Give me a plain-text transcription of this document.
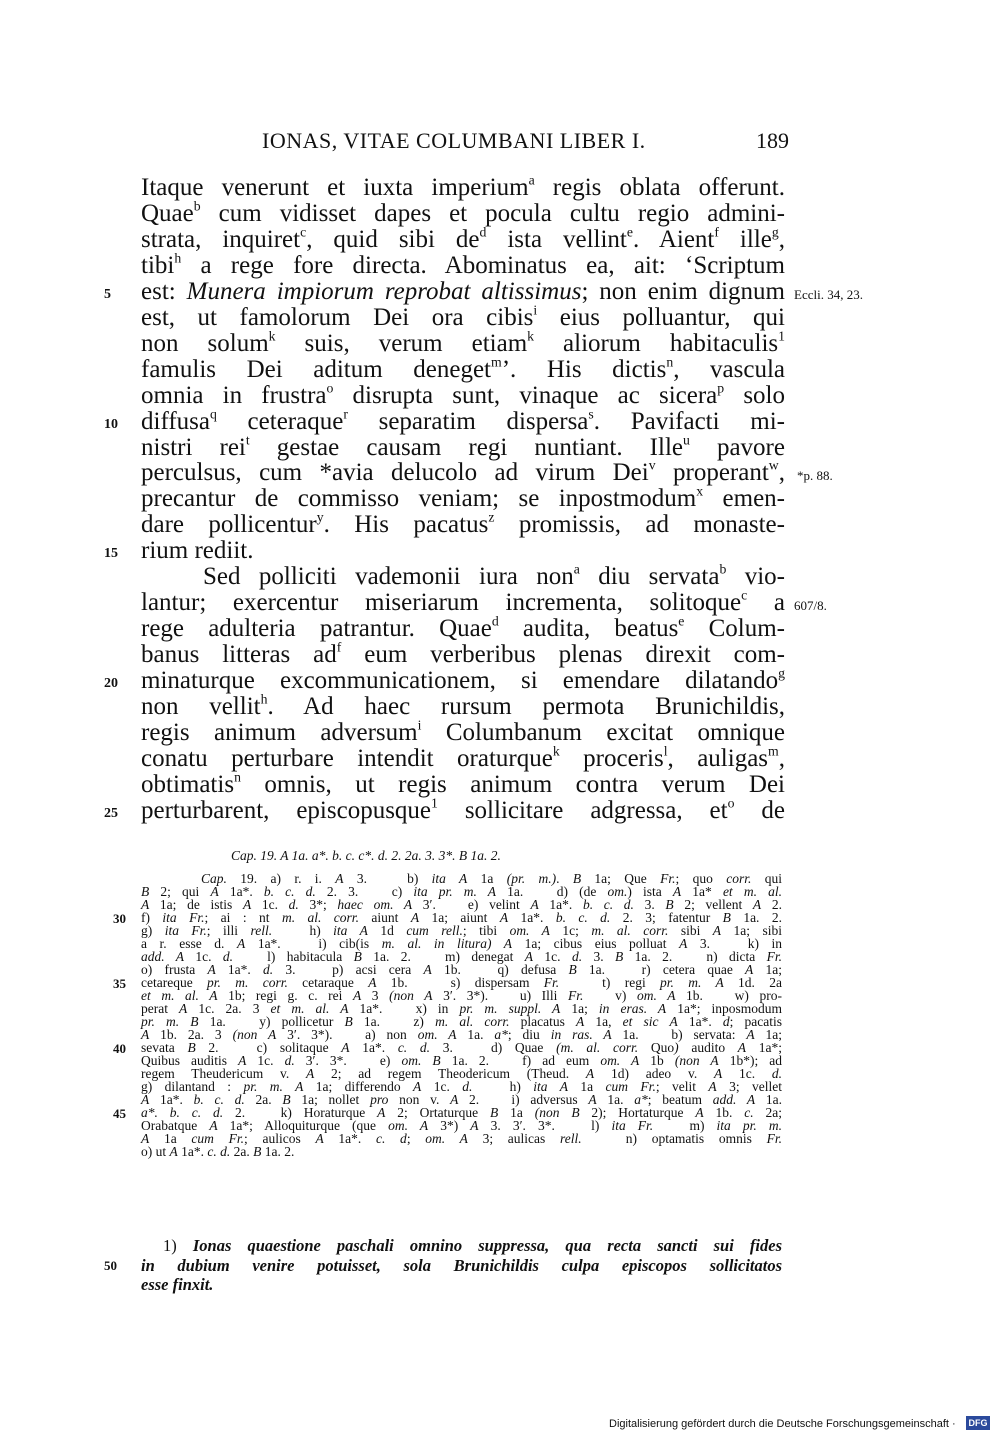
IONAS, VITAE COLUMBANI LIBER I.	189
Itaque venerunt et iuxta imperium$^a$ regis oblata offerunt.
Quae$^b$ cum vidisset dapes et pocula cultu regio admini-
strata, inquiret$^c$, quid sibi $de^d$ ista vellint$^e$. Aient$^f$ ille$^g$,
tibi$^h$ a rege fore directa. Abominatus ea, ait: ‘Scriptum
est: Munera impiorum reprobat altissimus; non enim dignum
5	Eccli. 34, 23.
est, ut famolorum Dei ora cibis$^i$ eius polluantur, qui
non solum$^k$ suis, verum etiam$^k$ aliorum habitaculis$^1$
famulis Dei aditum deneget$^m$’. His dictis$^n$, vascula
omnia in frustra$^o$ disrupta sunt, vinaque ac sicera$^p$ solo
diffusa$^q$ ceteraque$^r$ separatim dispersa$^s$. Pavifacti mi-
10
nistri rei$^t$ gestae causam regi nuntiant. Ille$^u$ pavore
perculsus, cum *avia delucolo ad virum Dei$^v$ properant$^w$, *p. 88.
precantur de commisso veniam; se inpostmodum$^x$ emen-
dare pollicentur$^y$. His pacatus$^z$ promissis, ad monaste-
rium rediit.
15
Sed polliciti vademonii iura non$^a$ diu servata$^b$ vio-
lantur; exercentur miseriarum incrementa, solitoque$^c$ a 607/8.
rege adulteria patrantur. Quae$^d$ audita, beatus$^e$ Colum-
banus litteras $ad^f$ eum verberibus plenas direxit com-
minaturque excommunicationem, si emendare dilatando$^g$
20
non vellit$^h$. Ad haec rursum permota Brunichildis,
regis animum adversum$^i$ Columbanum excitat omnique
conatu perturbare intendit oraturque$^k$ proceris$^l$, auligas$^m$,
obtimatis$^n$ omnis, ut regis animum contra verum Dei
perturbarent, episcopusque$^1$ sollicitare adgressa, $et^o$ de
25
Cap. 19. A 1a. a*. b. c. c*. d. 2. 2a. 3. 3*. B 1a. 2.
Cap. 19. a) r. i. A 3.   b) ita A 1a (pr. m.). B 1a; Que Fr.; quo corr. qui
B 2; qui A 1a*. b. c. d. 2. 3.   c) ita pr. m. A 1a.   d) (de om.) ista A 1a* et m. al.
A 1a; de istis A 1c. d. 3*; haec om. A 3′.   e) velint A 1a*. b. c. d. 3. B 2; vellent A 2.
f) ita Fr.; ai : nt m. al. corr. aiunt A 1a; aiunt A 1a*. b. c. d. 2. 3; fatentur B 1a. 2.
30
g) ita Fr.; illi rell.   h) ita A 1d cum rell.; tibi om. A 1c; m. al. corr. sibi A 1a; sibi
a r. esse d. A 1a*.   i) cib(is m. al. in litura) A 1a; cibus eius polluat A 3.   k) in
add. A 1c. d.   l) habitacula B 1a. 2.   m) denegat A 1c. d. 3. B 1a. 2.   n) dicta Fr.
o) frusta A 1a*. d. 3.   p) acsi cera A 1b.   q) defusa B 1a.   r) cetera quae A 1a;
cetareque pr. m. corr. cetaraque A 1b.   s) dispersam Fr.   t) regi pr. m. A 1d. 2a
35
et m. al. A 1b; regi g. c. rei A 3 (non A 3′. 3*).   u) Illi Fr.   v) om. A 1b.   w) pro-
perat A 1c. 2a. 3 et m. al. A 1a*.   x) in pr. m. suppl. A 1a; in eras. A 1a*; inposmodum
pr. m. B 1a.   y) pollicetur B 1a.   z) m. al. corr. placatus A 1a, et sic A 1a*. d; pacatis
A 1b. 2a. 3 (non A 3′. 3*).   a) non om. A 1a. a*; diu in ras. A 1a.   b) servata: A 1a;
sevata B 2.   c) solitaque A 1a*. c. d. 3.   d) Quae (m. al. corr. Quo) audito A 1a*;
40
Quibus auditis A 1c. d. 3′. 3*.   e) om. B 1a. 2.   f) ad eum om. A 1b (non A 1b*); ad
regem Theudericum v. A 2; ad regem Theodericum (Theud. A 1d) adeo v. A 1c. d.
g) dilantand : pr. m. A 1a; differendo A 1c. d.   h) ita A 1a cum Fr.; velit A 3; vellet
A 1a*. b. c. d. 2a. B 1a; nollet pro non v. A 2.   i) adversus A 1a. a*; beatum add. A 1a.
a*. b. c. d. 2.   k) Horaturque A 2; Ortaturque B 1a (non B 2); Hortaturque A 1b. c. 2a;
45
Orabatque A 1a*; Alloquiturque (que om. A 3*) A 3. 3′. 3*.   l) ita Fr.   m) ita pr. m.
A 1a cum Fr.; aulicos A 1a*. c. d; om. A 3; aulicas rell.   n) optamatis omnis Fr.
o) ut A 1a*. c. d. 2a. B 1a. 2.
1) Ionas quaestione paschali omnino suppressa, qua recta sancti sui fides
in dubium venire potuisset, sola Brunichildis culpa episcopos sollicitatos
50
esse finxit.
Digitalisierung gefördert durch die Deutsche Forschungsgemeinschaft · DFG
